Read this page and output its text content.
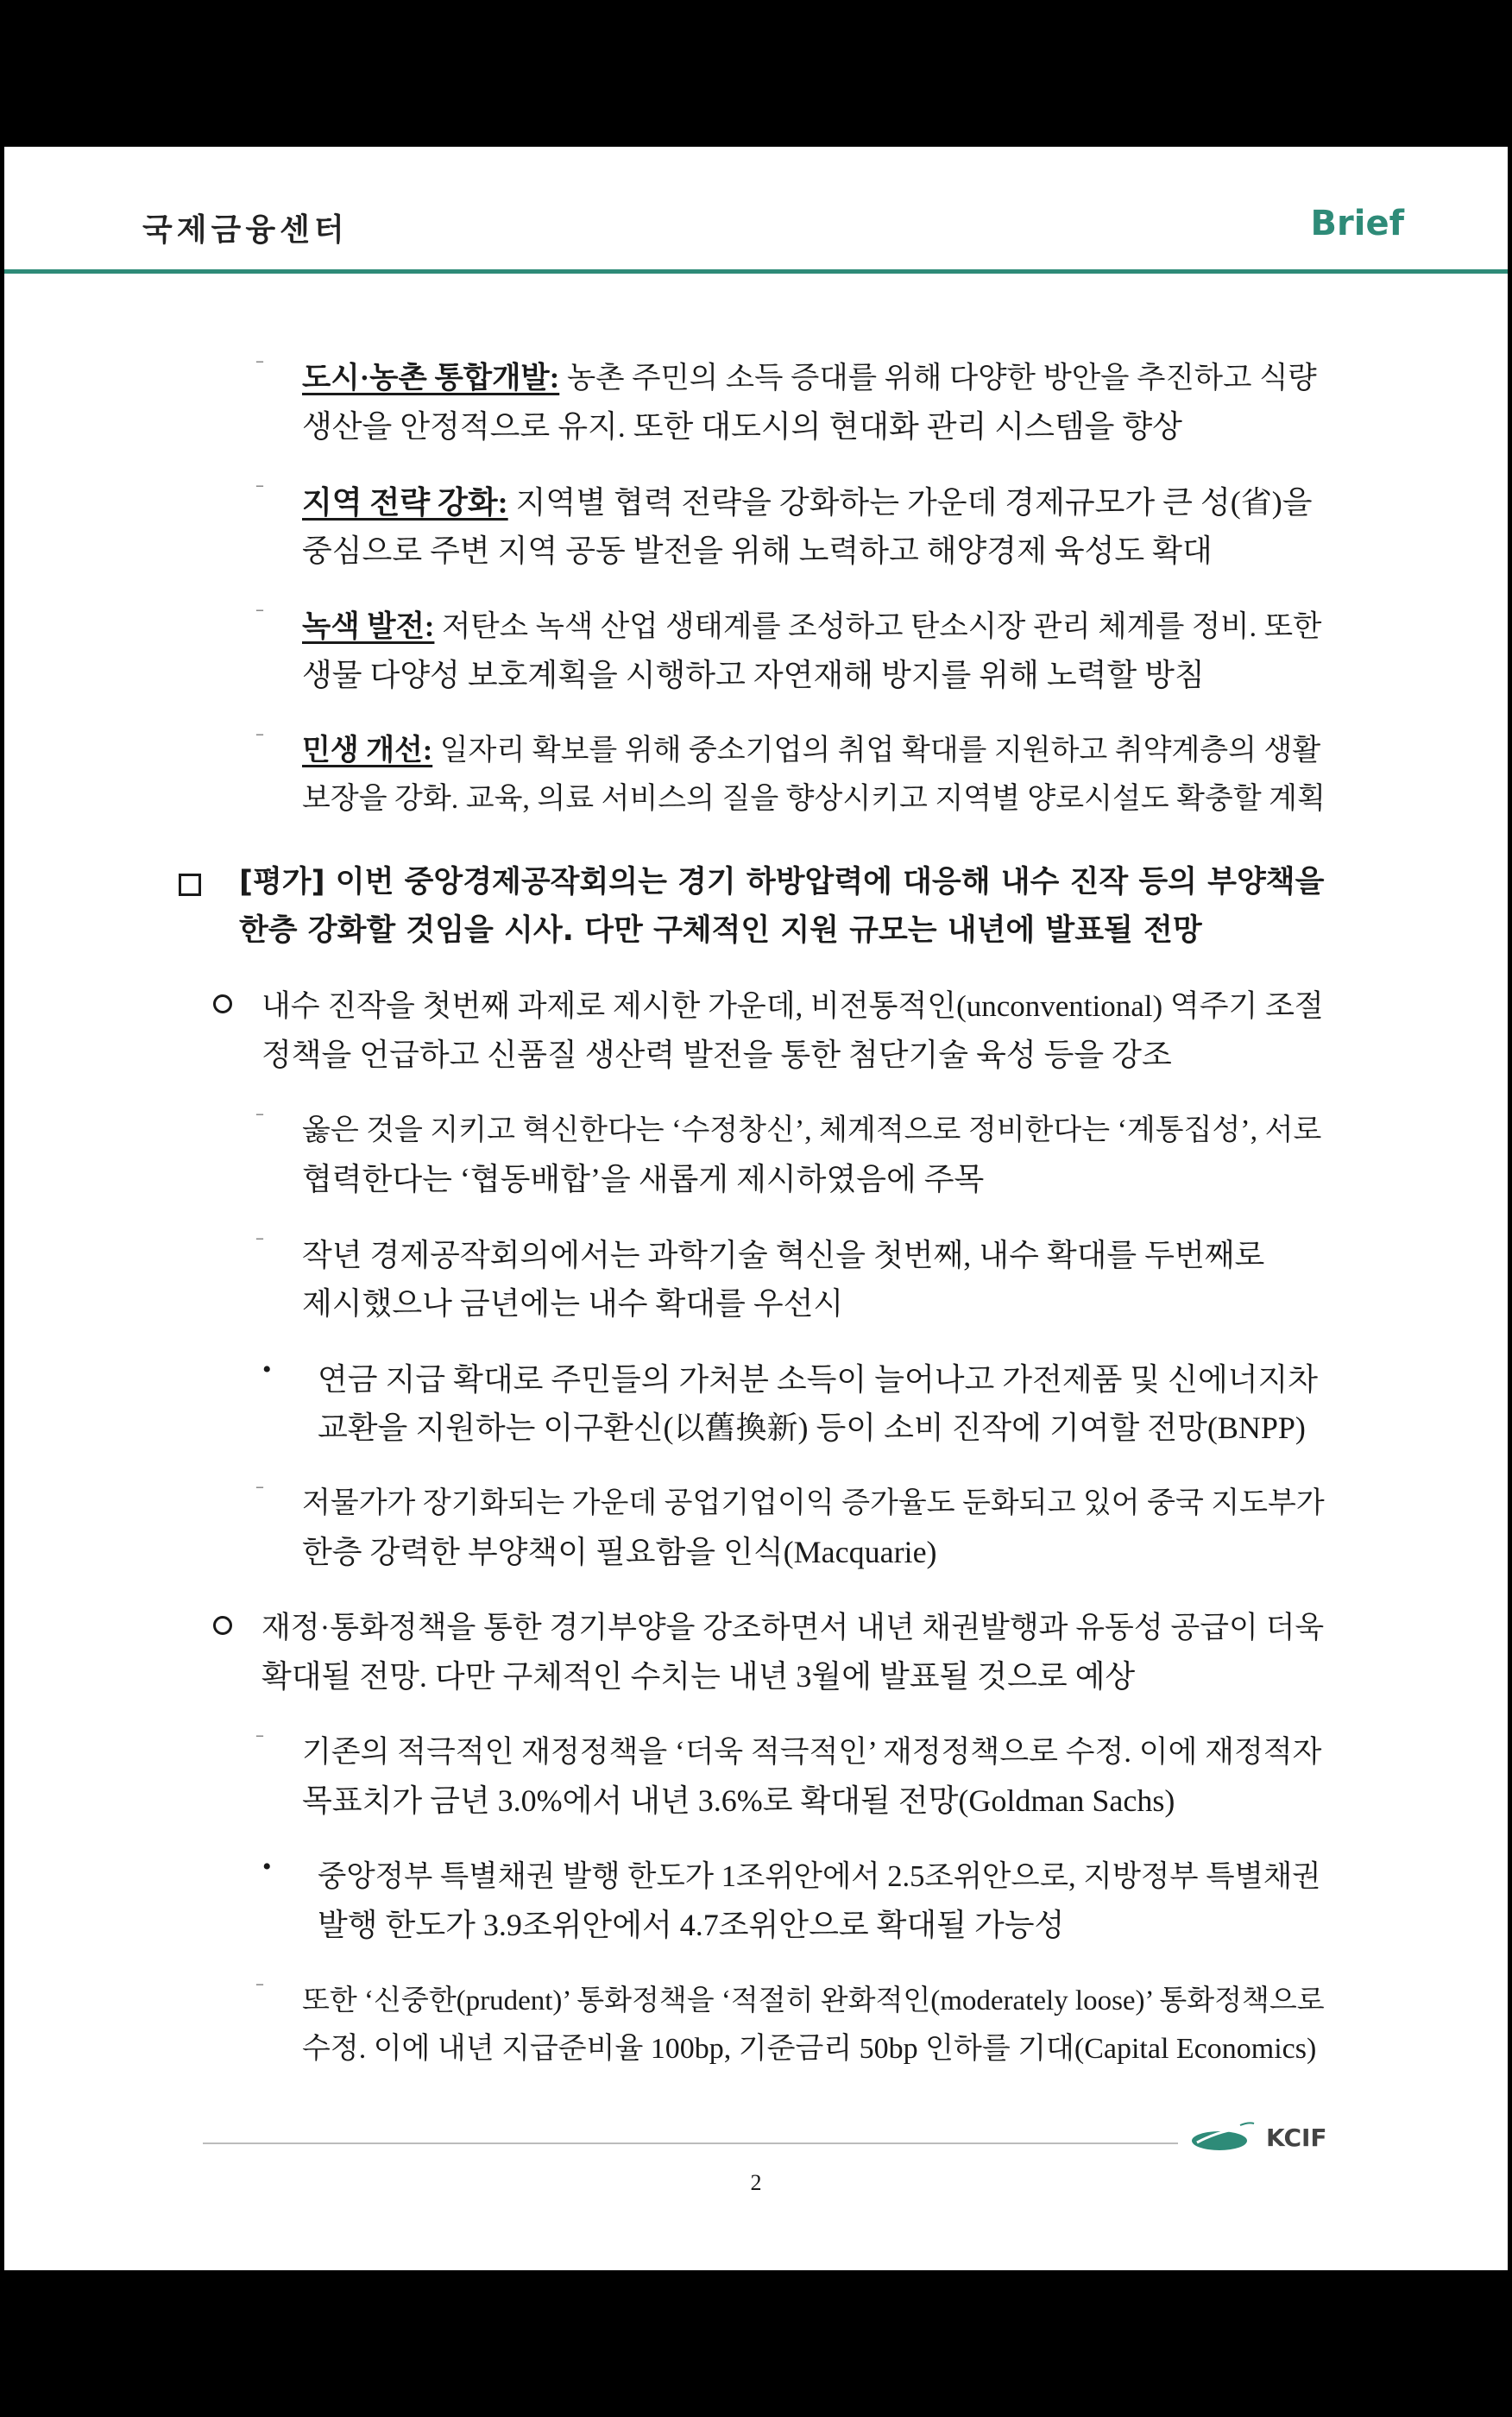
국제금융센터	Brief
–
도시·농촌 통합개발: 농촌 주민의 소득 증대를 위해 다양한 방안을 추진하고 식량
생산을 안정적으로 유지. 또한 대도시의 현대화 관리 시스템을 향상
– 지역 전략 강화: 지역별 협력 전략을 강화하는 가운데 경제규모가 큰 성(省)을
중심으로 주변 지역 공동 발전을 위해 노력하고 해양경제 육성도 확대
–
녹색 발전: 저탄소 녹색 산업 생태계를 조성하고 탄소시장 관리 체계를 정비. 또한
생물 다양성 보호계획을 시행하고 자연재해 방지를 위해 노력할 방침
–
민생 개선: 일자리 확보를 위해 중소기업의 취업 확대를 지원하고 취약계층의 생활
보장을 강화. 교육, 의료 서비스의 질을 향상시키고 지역별 양로시설도 확충할 계획
[평가] 이번 중앙경제공작회의는 경기 하방압력에 대응해 내수 진작 등의 부양책을
한층 강화할 것임을 시사. 다만 구체적인 지원 규모는 내년에 발표될 전망
내수 진작을 첫번째 과제로 제시한 가운데, 비전통적인(unconventional) 역주기 조절
정책을 언급하고 신품질 생산력 발전을 통한 첨단기술 육성 등을 강조
–
옳은 것을 지키고 혁신한다는 ‘수정창신’, 체계적으로 정비한다는 ‘계통집성’, 서로
협력한다는 ‘협동배합’을 새롭게 제시하였음에 주목
– 작년 경제공작회의에서는 과학기술 혁신을 첫번째, 내수 확대를 두번째로
제시했으나 금년에는 내수 확대를 우선시
• 연금 지급 확대로 주민들의 가처분 소득이 늘어나고 가전제품 및 신에너지차
교환을 지원하는 이구환신(以舊換新) 등이 소비 진작에 기여할 전망(BNPP)
–
저물가가 장기화되는 가운데 공업기업이익 증가율도 둔화되고 있어 중국 지도부가
한층 강력한 부양책이 필요함을 인식(Macquarie)
재정·통화정책을 통한 경기부양을 강조하면서 내년 채권발행과 유동성 공급이 더욱
확대될 전망. 다만 구체적인 수치는 내년 3월에 발표될 것으로 예상
– 기존의 적극적인 재정정책을 ‘더욱 적극적인’ 재정정책으로 수정. 이에 재정적자
목표치가 금년 3.0%에서 내년 3.6%로 확대될 전망(Goldman Sachs)
• 중앙정부 특별채권 발행 한도가 1조위안에서 2.5조위안으로, 지방정부 특별채권
발행 한도가 3.9조위안에서 4.7조위안으로 확대될 가능성
–
또한 ‘신중한(prudent)’ 통화정책을 ‘적절히 완화적인(moderately loose)’ 통화정책으로
수정. 이에 내년 지급준비율 100bp, 기준금리 50bp 인하를 기대(Capital Economics)
KCIF
2
